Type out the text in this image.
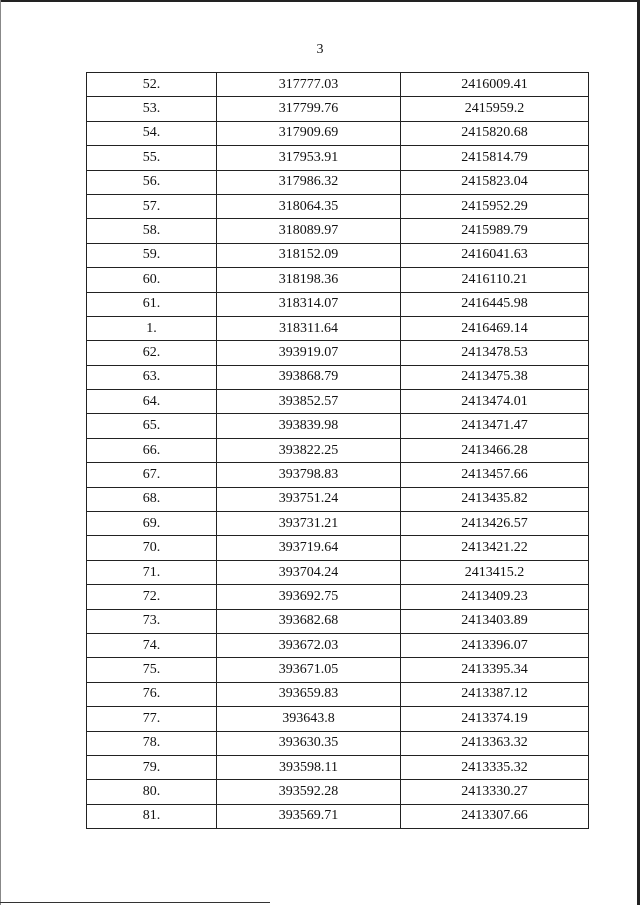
3
52.	317777.03	2416009.41
53.	317799.76	2415959.2
54.	317909.69	2415820.68
55.	317953.91	2415814.79
56.	317986.32	2415823.04
57.	318064.35	2415952.29
58.	318089.97	2415989.79
59.	318152.09	2416041.63
60.	318198.36	2416110.21
61.	318314.07	2416445.98
1.	318311.64	2416469.14
62.	393919.07	2413478.53
63.	393868.79	2413475.38
64.	393852.57	2413474.01
65.	393839.98	2413471.47
66.	393822.25	2413466.28
67.	393798.83	2413457.66
68.	393751.24	2413435.82
69.	393731.21	2413426.57
70.	393719.64	2413421.22
71.	393704.24	2413415.2
72.	393692.75	2413409.23
73.	393682.68	2413403.89
74.	393672.03	2413396.07
75.	393671.05	2413395.34
76.	393659.83	2413387.12
77.	393643.8	2413374.19
78.	393630.35	2413363.32
79.	393598.11	2413335.32
80.	393592.28	2413330.27
81.	393569.71	2413307.66
